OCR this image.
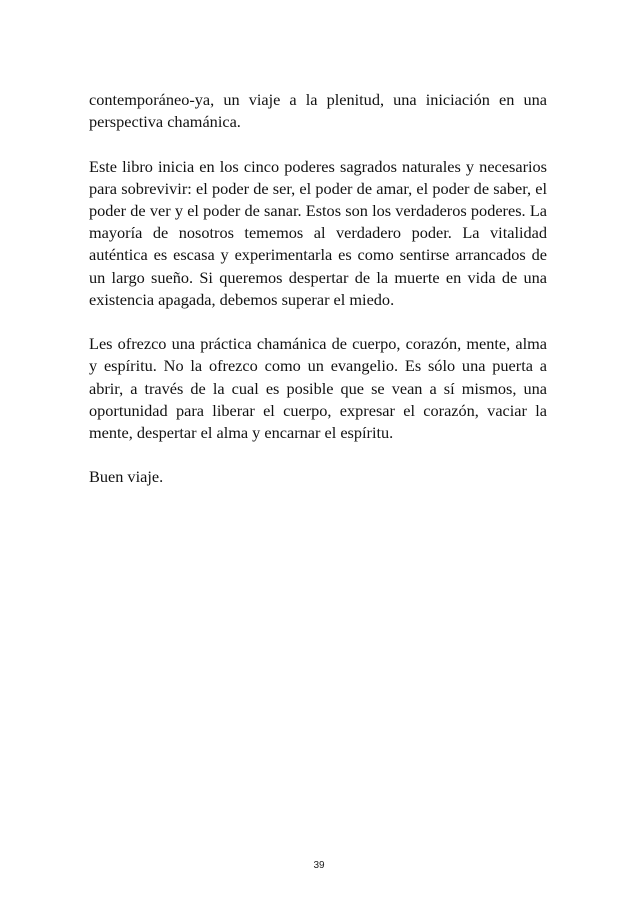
contemporáneo-ya, un viaje a la plenitud, una iniciación en una perspectiva chamánica.

Este libro inicia en los cinco poderes sagrados naturales y necesarios para sobrevivir: el poder de ser, el poder de amar, el poder de saber, el poder de ver y el poder de sanar. Estos son los verdaderos poderes. La mayoría de nosotros tememos al verdadero poder. La vitalidad auténtica es escasa y experimentarla es como sentirse arrancados de un largo sueño. Si queremos despertar de la muerte en vida de una existencia apagada, debemos superar el miedo.

Les ofrezco una práctica chamánica de cuerpo, corazón, mente, alma y espíritu. No la ofrezco como un evangelio. Es sólo una puerta a abrir, a través de la cual es posible que se vean a sí mismos, una oportunidad para liberar el cuerpo, expresar el corazón, vaciar la mente, despertar el alma y encarnar el espíritu.

Buen viaje.

39
